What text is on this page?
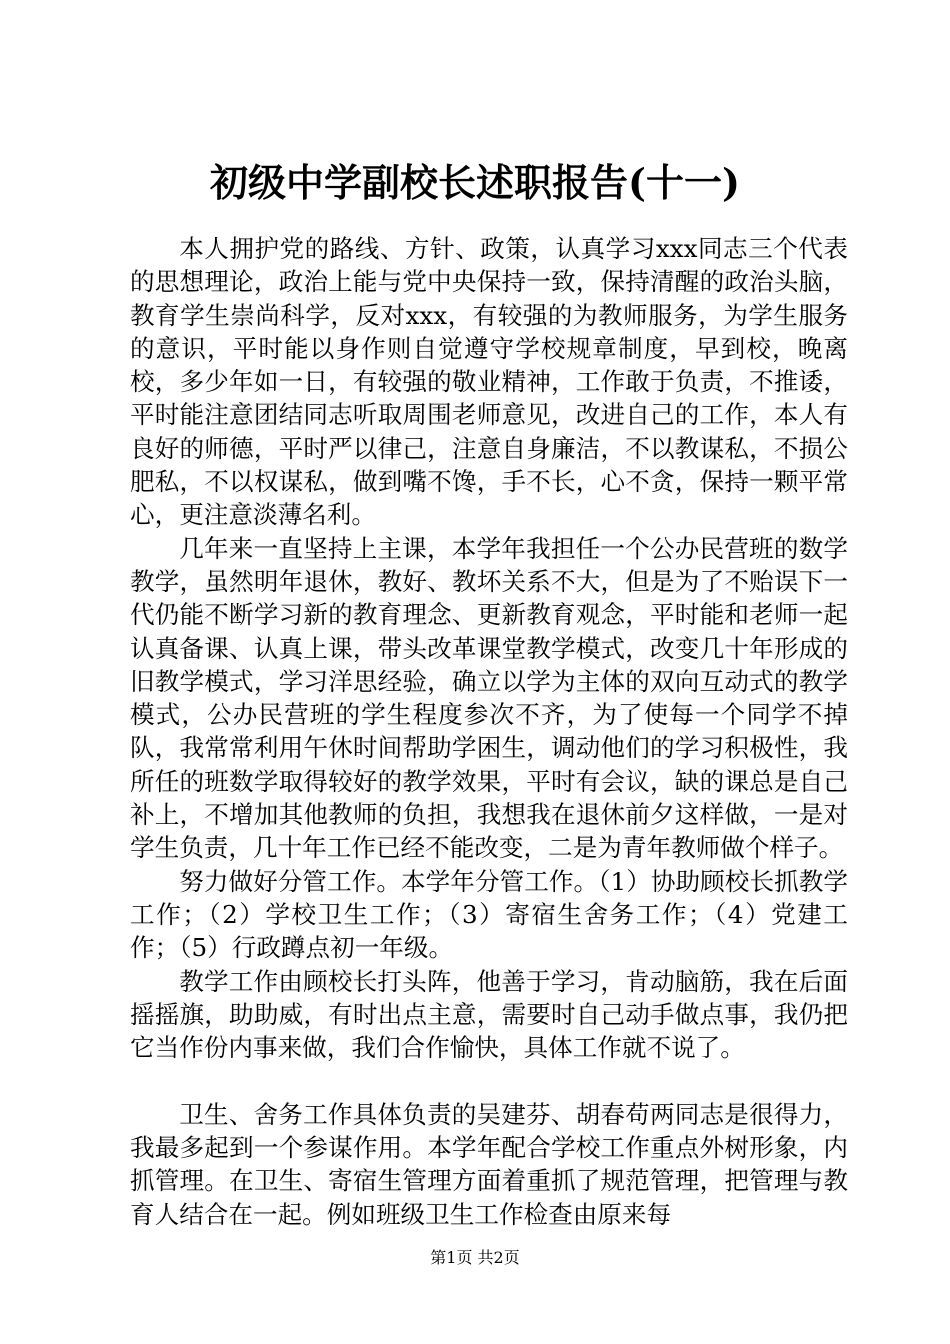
初级中学副校长述职报告(十一)

本人拥护党的路线、方针、政策，认真学习xxx同志三个代表的思想理论，政治上能与党中央保持一致，保持清醒的政治头脑，教育学生崇尚科学，反对xxx，有较强的为教师服务，为学生服务的意识，平时能以身作则自觉遵守学校规章制度，早到校，晚离校，多少年如一日，有较强的敬业精神，工作敢于负责，不推诿，平时能注意团结同志听取周围老师意见，改进自己的工作，本人有良好的师德，平时严以律己，注意自身廉洁，不以教谋私，不损公肥私，不以权谋私，做到嘴不馋，手不长，心不贪，保持一颗平常心，更注意淡薄名利。

几年来一直坚持上主课，本学年我担任一个公办民营班的数学教学，虽然明年退休，教好、教坏关系不大，但是为了不贻误下一代仍能不断学习新的教育理念、更新教育观念，平时能和老师一起认真备课、认真上课，带头改革课堂教学模式，改变几十年形成的旧教学模式，学习洋思经验，确立以学为主体的双向互动式的教学模式，公办民营班的学生程度参次不齐，为了使每一个同学不掉队，我常常利用午休时间帮助学困生，调动他们的学习积极性，我所任的班数学取得较好的教学效果，平时有会议，缺的课总是自己补上，不增加其他教师的负担，我想我在退休前夕这样做，一是对学生负责，几十年工作已经不能改变，二是为青年教师做个样子。

努力做好分管工作。本学年分管工作。（1）协助顾校长抓教学工作；（2）学校卫生工作；（3）寄宿生舍务工作；（4）党建工作；（5）行政蹲点初一年级。

教学工作由顾校长打头阵，他善于学习，肯动脑筋，我在后面摇摇旗，助助威，有时出点主意，需要时自己动手做点事，我仍把它当作份内事来做，我们合作愉快，具体工作就不说了。

卫生、舍务工作具体负责的吴建芬、胡春苟两同志是很得力，我最多起到一个参谋作用。本学年配合学校工作重点外树形象，内抓管理。在卫生、寄宿生管理方面着重抓了规范管理，把管理与教育人结合在一起。例如班级卫生工作检查由原来每

第1页 共2页
